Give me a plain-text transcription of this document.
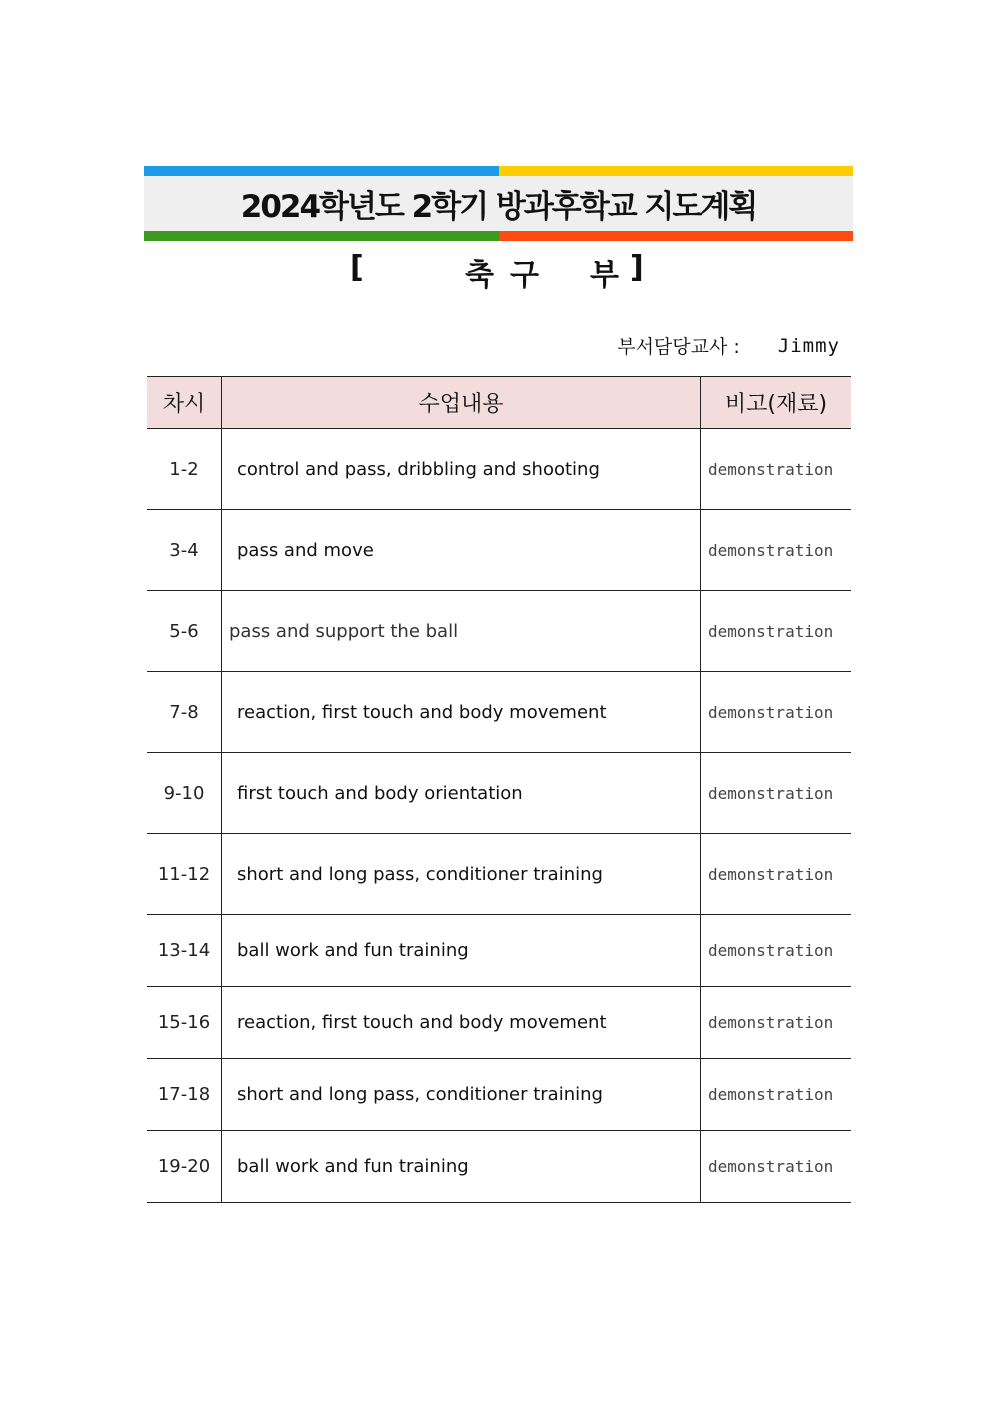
2024학년도 2학기 방과후학교 지도계획
[	축 구 부 ]
부서담당교사 : Jimmy
차시	수업내용	비고(재료)
1-2	control and pass, dribbling and shooting	demonstration
3-4	pass and move	demonstration
5-6	pass and support the ball	demonstration
7-8	reaction, first touch and body movement	demonstration
9-10	first touch and body orientation	demonstration
11-12	short and long pass, conditioner training	demonstration
13-14	ball work and fun training	demonstration
15-16	reaction, first touch and body movement	demonstration
17-18	short and long pass, conditioner training	demonstration
19-20	ball work and fun training	demonstration
